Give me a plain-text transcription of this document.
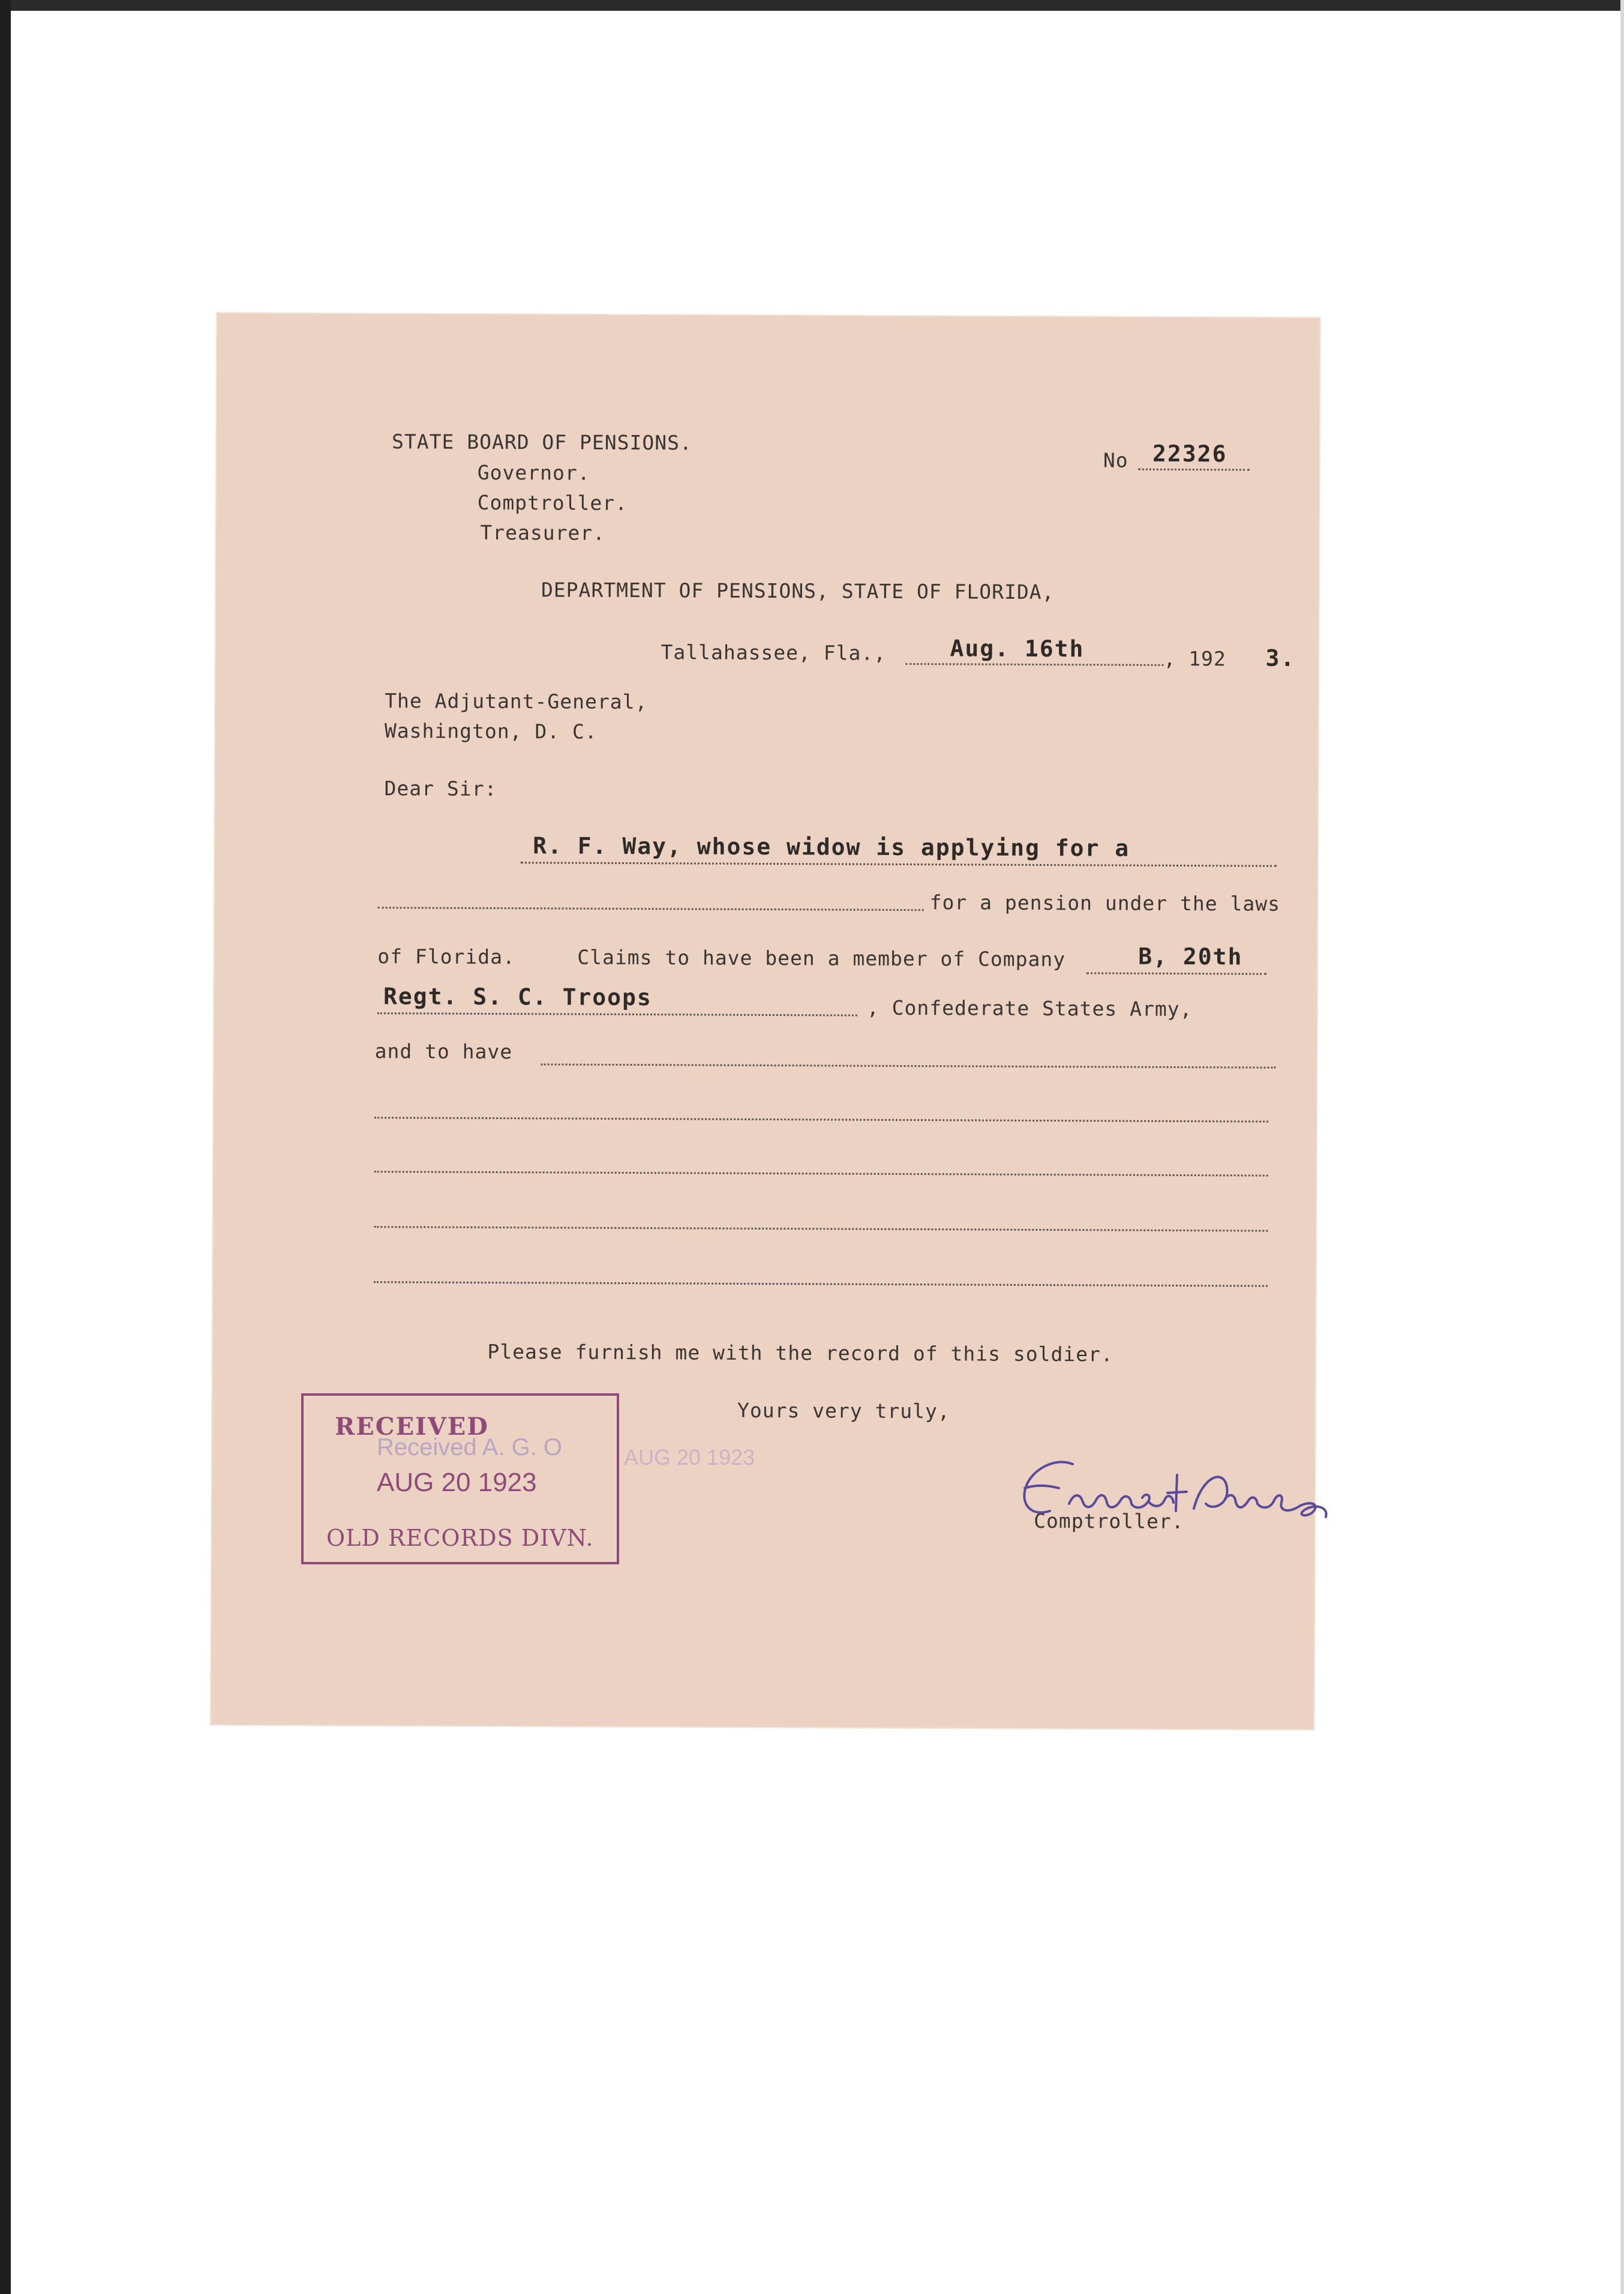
STATE BOARD OF PENSIONS.
Governor.
Comptroller.
Treasurer.
No 22326
DEPARTMENT OF PENSIONS, STATE OF FLORIDA,
Tallahassee, Fla.,	Aug. 16th	, 192 3.
The Adjutant-General,
Washington, D. C.
Dear Sir:
R. F. Way, whose widow is applying for a
for a pension under the laws
of Florida.	Claims to have been a member of Company	B, 20th
Regt. S. C. Troops	, Confederate States Army,
and to have
Please furnish me with the record of this soldier.
Yours very truly,
Comptroller.
RECEIVED
AUG 20 1923
OLD RECORDS DIVN.
Received A. G. O	AUG 20 1923
